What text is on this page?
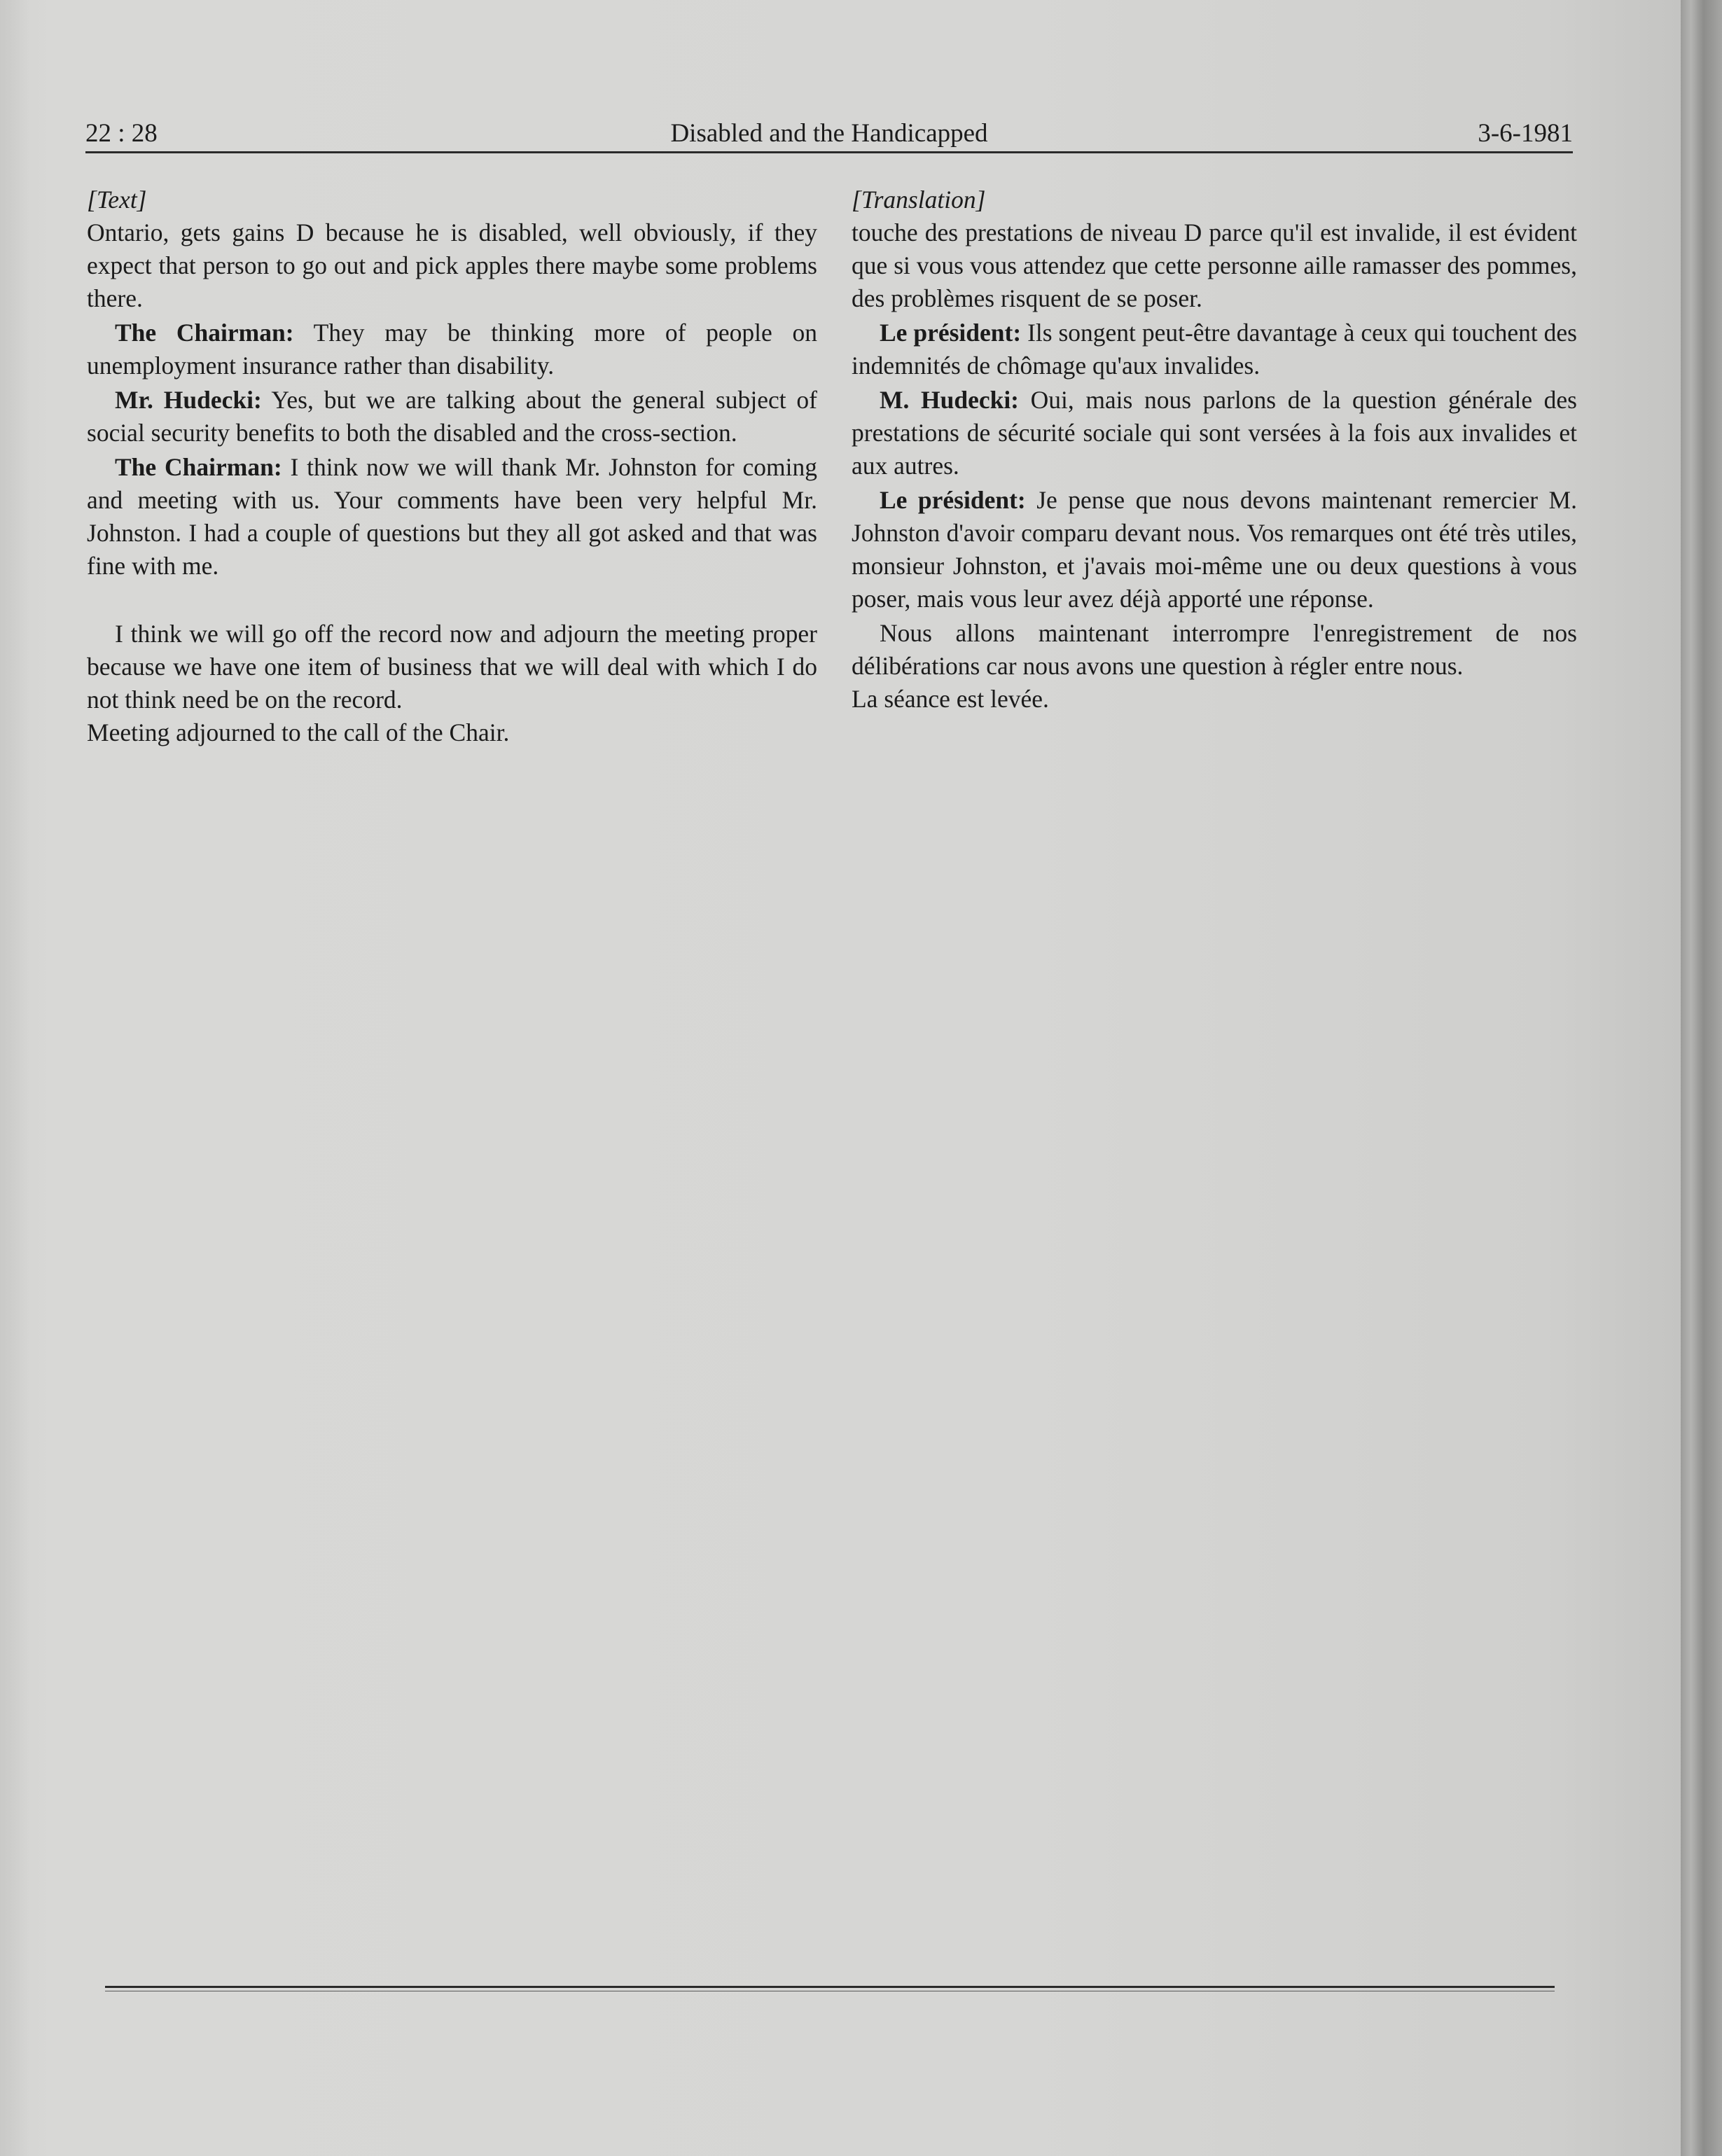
22 : 28	Disabled and the Handicapped	3-6-1981

[Text]

Ontario, gets gains D because he is disabled, well obviously, if they expect that person to go out and pick apples there maybe some problems there.

The Chairman: They may be thinking more of people on unemployment insurance rather than disability.

Mr. Hudecki: Yes, but we are talking about the general subject of social security benefits to both the disabled and the cross-section.

The Chairman: I think now we will thank Mr. Johnston for coming and meeting with us. Your comments have been very helpful Mr. Johnston. I had a couple of questions but they all got asked and that was fine with me.

I think we will go off the record now and adjourn the meeting proper because we have one item of business that we will deal with which I do not think need be on the record.

Meeting adjourned to the call of the Chair.

[Translation]

touche des prestations de niveau D parce qu'il est invalide, il est évident que si vous vous attendez que cette personne aille ramasser des pommes, des problèmes risquent de se poser.

Le président: Ils songent peut-être davantage à ceux qui touchent des indemnités de chômage qu'aux invalides.

M. Hudecki: Oui, mais nous parlons de la question générale des prestations de sécurité sociale qui sont versées à la fois aux invalides et aux autres.

Le président: Je pense que nous devons maintenant remercier M. Johnston d'avoir comparu devant nous. Vos remarques ont été très utiles, monsieur Johnston, et j'avais moi-même une ou deux questions à vous poser, mais vous leur avez déjà apporté une réponse.

Nous allons maintenant interrompre l'enregistrement de nos délibérations car nous avons une question à régler entre nous.

La séance est levée.
